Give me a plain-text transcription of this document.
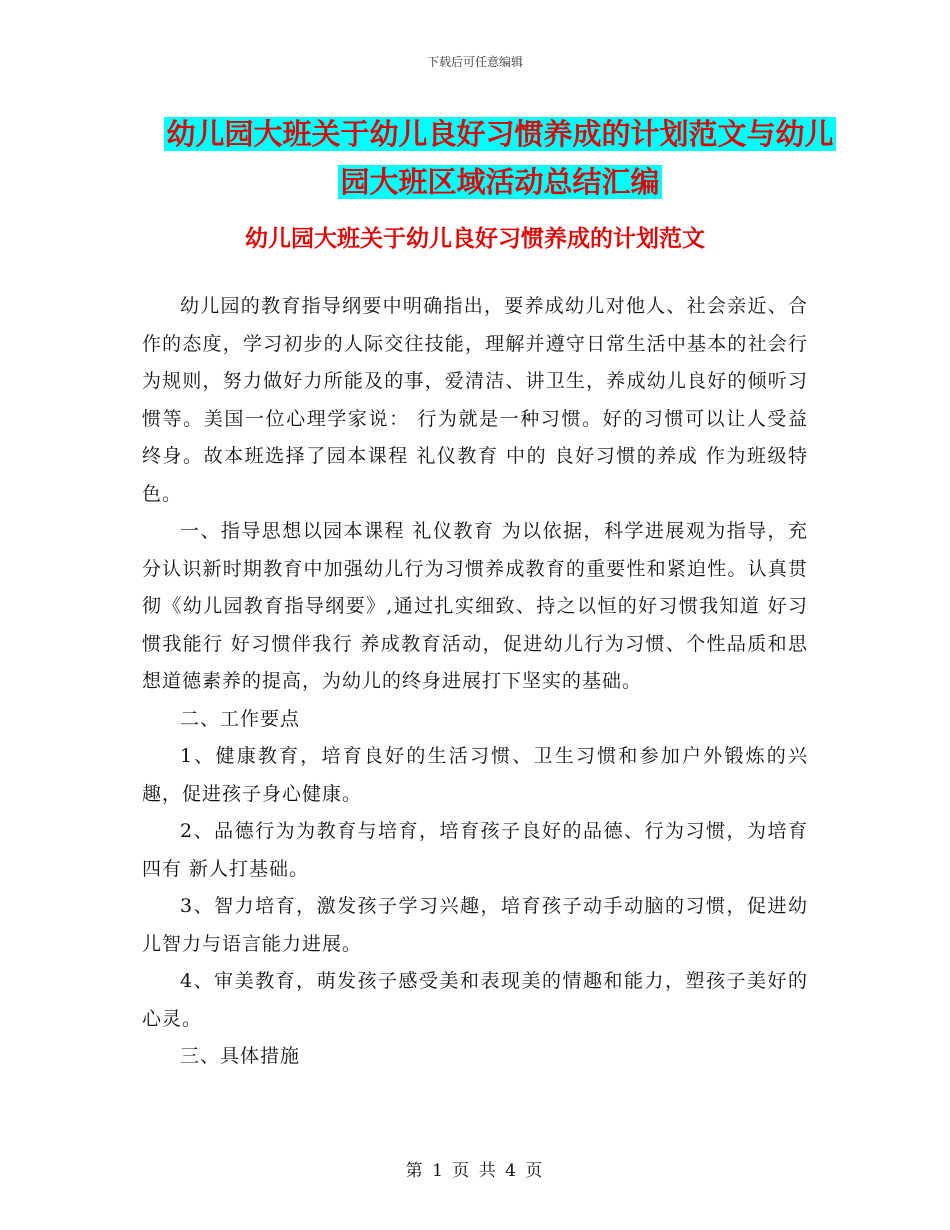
下载后可任意编辑
幼儿园大班关于幼儿良好习惯养成的计划范文与幼儿
园大班区域活动总结汇编
幼儿园大班关于幼儿良好习惯养成的计划范文

幼儿园的教育指导纲要中明确指出，要养成幼儿对他人、社会亲近、合作的态度，学习初步的人际交往技能，理解并遵守日常生活中基本的社会行为规则，努力做好力所能及的事，爱清洁、讲卫生，养成幼儿良好的倾听习惯等。美国一位心理学家说： 行为就是一种习惯。好的习惯可以让人受益终身。故本班选择了园本课程 礼仪教育 中的 良好习惯的养成 作为班级特色。

一、指导思想以园本课程 礼仪教育 为以依据，科学进展观为指导，充分认识新时期教育中加强幼儿行为习惯养成教育的重要性和紧迫性。认真贯彻《幼儿园教育指导纲要》,通过扎实细致、持之以恒的好习惯我知道 好习惯我能行 好习惯伴我行 养成教育活动，促进幼儿行为习惯、个性品质和思想道德素养的提高，为幼儿的终身进展打下坚实的基础。

二、工作要点

1、健康教育，培育良好的生活习惯、卫生习惯和参加户外锻炼的兴趣，促进孩子身心健康。

2、品德行为为教育与培育，培育孩子良好的品德、行为习惯，为培育 四有 新人打基础。

3、智力培育，激发孩子学习兴趣，培育孩子动手动脑的习惯，促进幼儿智力与语言能力进展。

4、审美教育，萌发孩子感受美和表现美的情趣和能力，塑孩子美好的心灵。

三、具体措施

第 1 页 共 4 页
